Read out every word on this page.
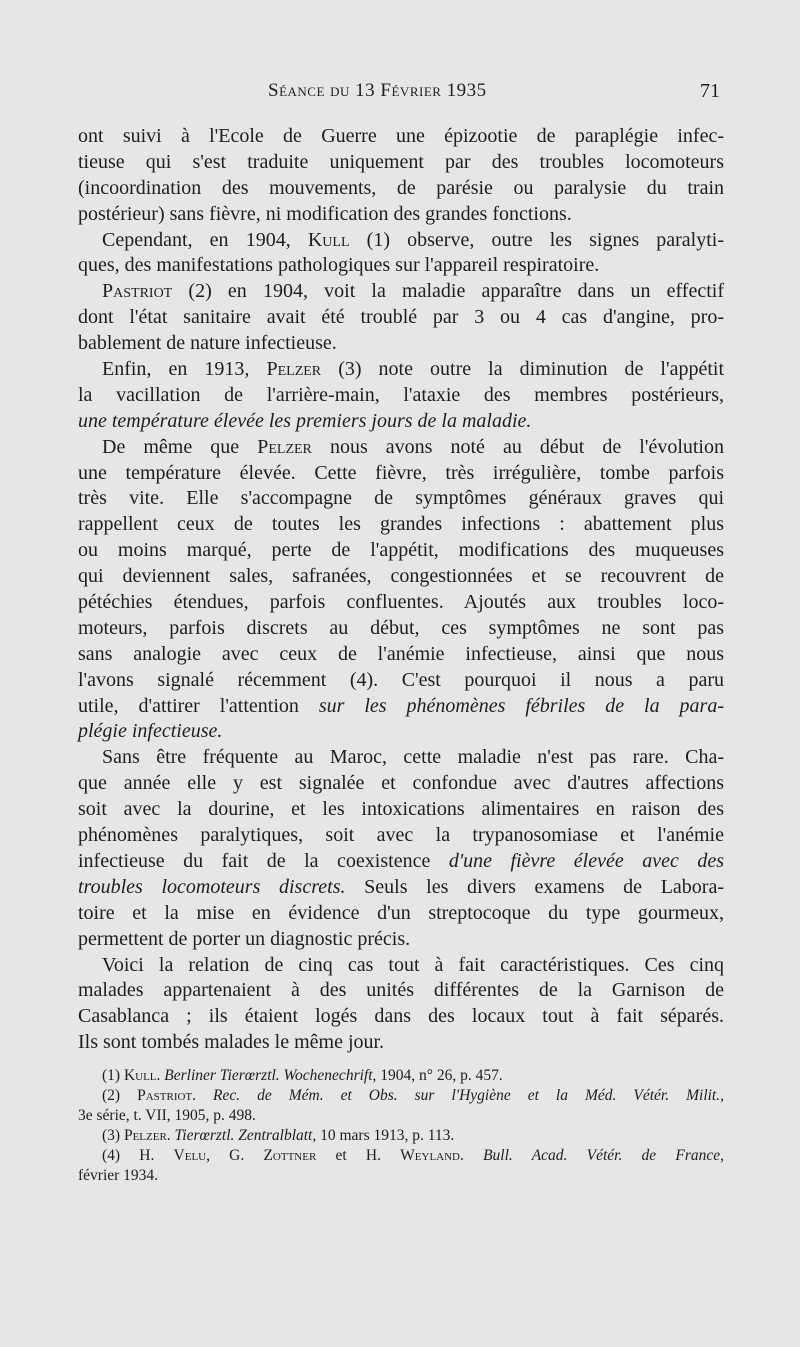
Séance du 13 Février 1935	71
ont suivi à l'Ecole de Guerre une épizootie de paraplégie infec-
tieuse qui s'est traduite uniquement par des troubles locomoteurs
(incoordination des mouvements, de parésie ou paralysie du train
postérieur) sans fièvre, ni modification des grandes fonctions.
Cependant, en 1904, Kull (1) observe, outre les signes paralyti-
ques, des manifestations pathologiques sur l'appareil respiratoire.
Pastriot (2) en 1904, voit la maladie apparaître dans un effectif
dont l'état sanitaire avait été troublé par 3 ou 4 cas d'angine, pro-
bablement de nature infectieuse.
Enfin, en 1913, Pelzer (3) note outre la diminution de l'appétit
la vacillation de l'arrière-main, l'ataxie des membres postérieurs,
une température élevée les premiers jours de la maladie.
De même que Pelzer nous avons noté au début de l'évolution
une température élevée. Cette fièvre, très irrégulière, tombe parfois
très vite. Elle s'accompagne de symptômes généraux graves qui
rappellent ceux de toutes les grandes infections : abattement plus
ou moins marqué, perte de l'appétit, modifications des muqueuses
qui deviennent sales, safranées, congestionnées et se recouvrent de
pétéchies étendues, parfois confluentes. Ajoutés aux troubles loco-
moteurs, parfois discrets au début, ces symptômes ne sont pas
sans analogie avec ceux de l'anémie infectieuse, ainsi que nous
l'avons signalé récemment (4). C'est pourquoi il nous a paru
utile, d'attirer l'attention sur les phénomènes fébriles de la para-
plégie infectieuse.
Sans être fréquente au Maroc, cette maladie n'est pas rare. Cha-
que année elle y est signalée et confondue avec d'autres affections
soit avec la dourine, et les intoxications alimentaires en raison des
phénomènes paralytiques, soit avec la trypanosomiase et l'anémie
infectieuse du fait de la coexistence d'une fièvre élevée avec des
troubles locomoteurs discrets. Seuls les divers examens de Labora-
toire et la mise en évidence d'un streptocoque du type gourmeux,
permettent de porter un diagnostic précis.
Voici la relation de cinq cas tout à fait caractéristiques. Ces cinq
malades appartenaient à des unités différentes de la Garnison de
Casablanca ; ils étaient logés dans des locaux tout à fait séparés.
Ils sont tombés malades le même jour.
(1) Kull. Berliner Tierœrztl. Wochenechrift, 1904, n° 26, p. 457.
(2) Pastriot. Rec. de Mém. et Obs. sur l'Hygiène et la Méd. Vétér. Milit.,
3e série, t. VII, 1905, p. 498.
(3) Pelzer. Tierœrztl. Zentralblatt, 10 mars 1913, p. 113.
(4) H. Velu, G. Zottner et H. Weyland. Bull. Acad. Vétér. de France,
février 1934.
